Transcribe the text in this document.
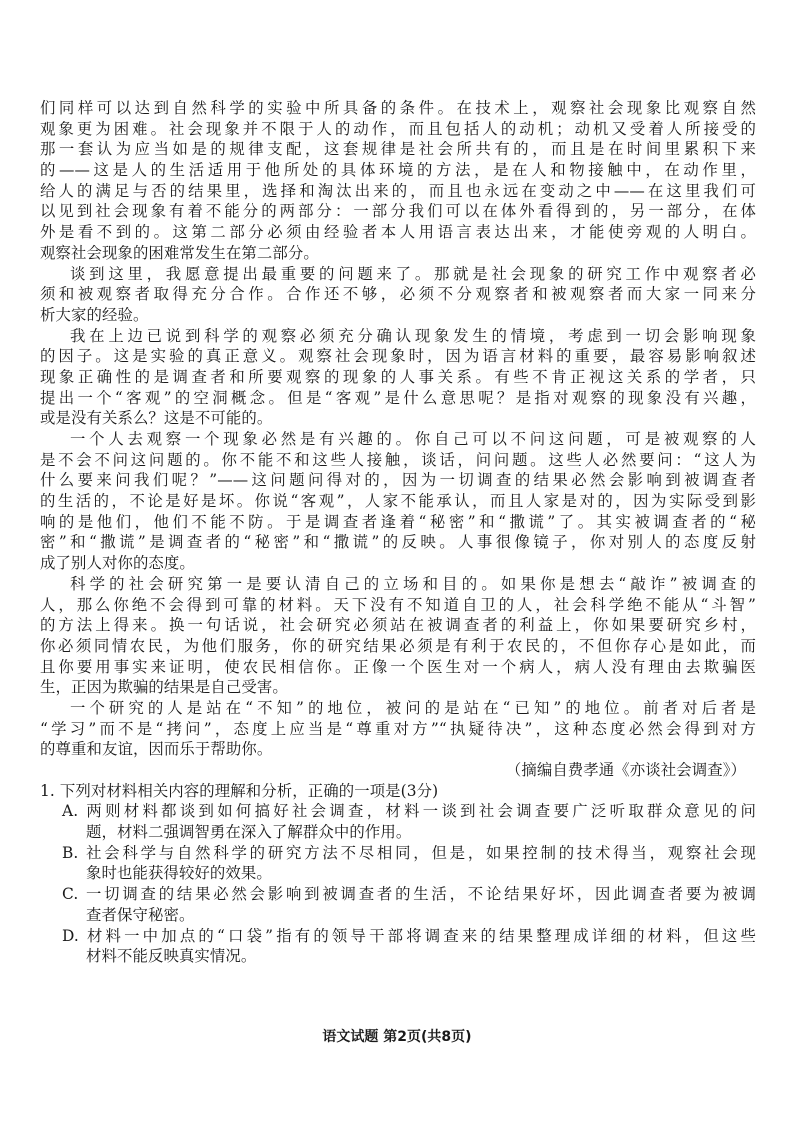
们同样可以达到自然科学的实验中所具备的条件。在技术上，观察社会现象比观察自然
观象更为困难。社会现象并不限于人的动作，而且包括人的动机；动机又受着人所接受的
那一套认为应当如是的规律支配，这套规律是社会所共有的，而且是在时间里累积下来
的——这是人的生活适用于他所处的具体环境的方法，是在人和物接触中，在动作里，
给人的满足与否的结果里，选择和淘汰出来的，而且也永远在变动之中——在这里我们可
以见到社会现象有着不能分的两部分：一部分我们可以在体外看得到的，另一部分，在体
外是看不到的。这第二部分必须由经验者本人用语言表达出来，才能使旁观的人明白。
观察社会现象的困难常发生在第二部分。
谈到这里，我愿意提出最重要的问题来了。那就是社会现象的研究工作中观察者必
须和被观察者取得充分合作。合作还不够，必须不分观察者和被观察者而大家一同来分
析大家的经验。
我在上边已说到科学的观察必须充分确认现象发生的情境，考虑到一切会影响现象
的因子。这是实验的真正意义。观察社会现象时，因为语言材料的重要，最容易影响叙述
现象正确性的是调查者和所要观察的现象的人事关系。有些不肯正视这关系的学者，只
提出一个“客观”的空洞概念。但是“客观”是什么意思呢？是指对观察的现象没有兴趣，
或是没有关系么？这是不可能的。
一个人去观察一个现象必然是有兴趣的。你自己可以不问这问题，可是被观察的人
是不会不问这问题的。你不能不和这些人接触，谈话，问问题。这些人必然要问：“这人为
什么要来问我们呢？”——这问题问得对的，因为一切调查的结果必然会影响到被调查者
的生活的，不论是好是坏。你说“客观”，人家不能承认，而且人家是对的，因为实际受到影
响的是他们，他们不能不防。于是调查者逢着“秘密”和“撒谎”了。其实被调查者的“秘
密”和“撒谎”是调查者的“秘密”和“撒谎”的反映。人事很像镜子，你对别人的态度反射
成了别人对你的态度。
科学的社会研究第一是要认清自己的立场和目的。如果你是想去“敲诈”被调查的
人，那么你绝不会得到可靠的材料。天下没有不知道自卫的人，社会科学绝不能从“斗智”
的方法上得来。换一句话说，社会研究必须站在被调查者的利益上，你如果要研究乡村，
你必须同情农民，为他们服务，你的研究结果必须是有利于农民的，不但你存心是如此，而
且你要用事实来证明，使农民相信你。正像一个医生对一个病人，病人没有理由去欺骗医
生，正因为欺骗的结果是自己受害。
一个研究的人是站在“不知”的地位，被问的是站在“已知”的地位。前者对后者是
“学习”而不是“拷问”，态度上应当是“尊重对方”“执疑待决”，这种态度必然会得到对方
的尊重和友谊，因而乐于帮助你。
（摘编自费孝通《亦谈社会调查》）
1. 下列对材料相关内容的理解和分析，正确的一项是(3分)
A. 两则材料都谈到如何搞好社会调查，材料一谈到社会调查要广泛听取群众意见的问
题，材料二强调智勇在深入了解群众中的作用。
B. 社会科学与自然科学的研究方法不尽相同，但是，如果控制的技术得当，观察社会现
象时也能获得较好的效果。
C. 一切调查的结果必然会影响到被调查者的生活，不论结果好坏，因此调查者要为被调
查者保守秘密。
D. 材料一中加点的“口袋”指有的领导干部将调查来的结果整理成详细的材料，但这些
材料不能反映真实情况。
语文试题 第2页(共8页)
